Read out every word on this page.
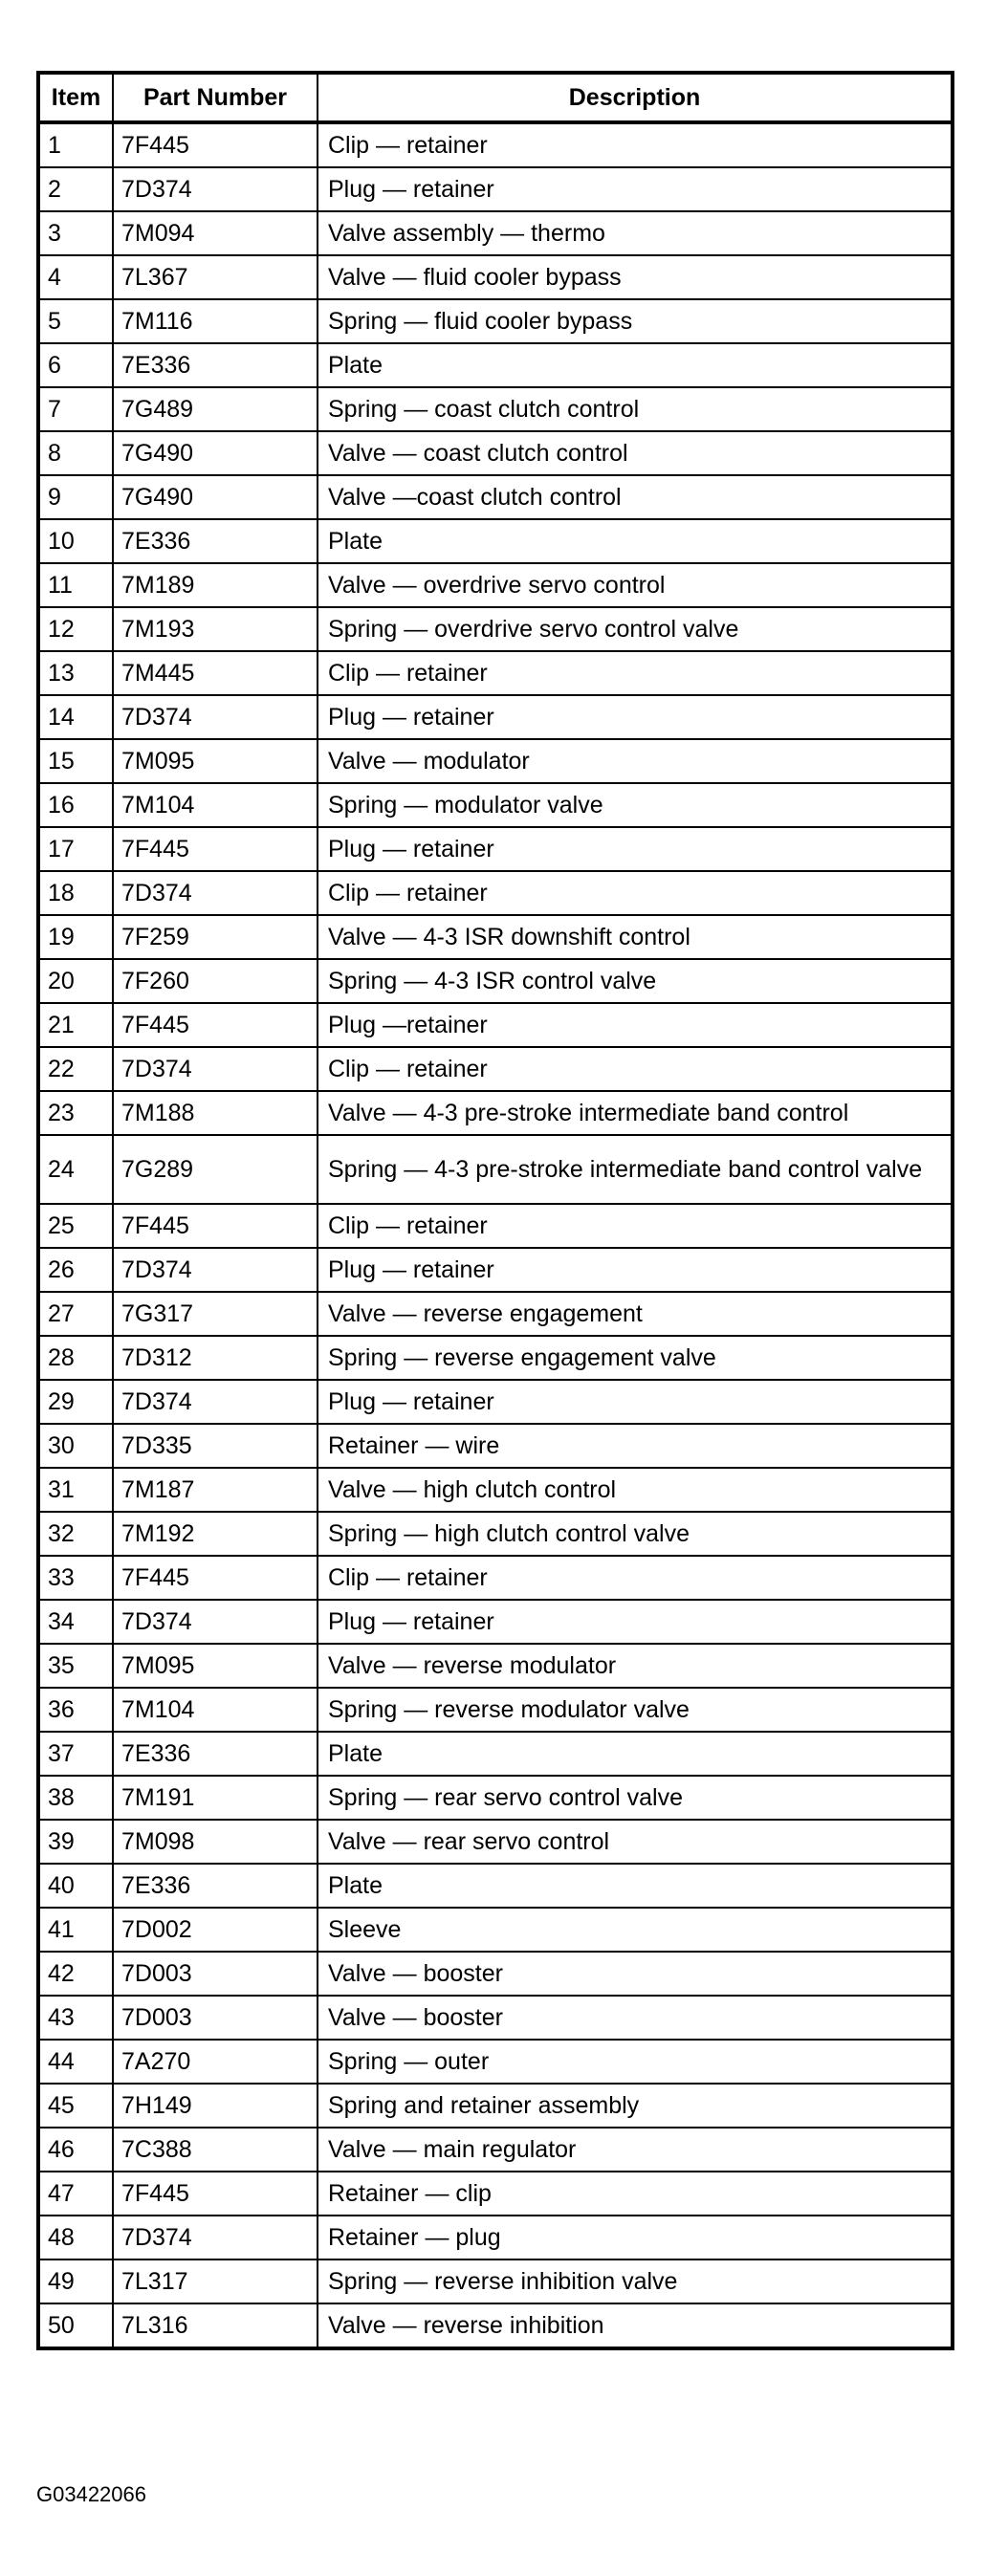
Item	Part Number	Description
1	7F445	Clip — retainer
2	7D374	Plug — retainer
3	7M094	Valve assembly — thermo
4	7L367	Valve — fluid cooler bypass
5	7M116	Spring — fluid cooler bypass
6	7E336	Plate
7	7G489	Spring — coast clutch control
8	7G490	Valve — coast clutch control
9	7G490	Valve —coast clutch control
10	7E336	Plate
11	7M189	Valve — overdrive servo control
12	7M193	Spring — overdrive servo control valve
13	7M445	Clip — retainer
14	7D374	Plug — retainer
15	7M095	Valve — modulator
16	7M104	Spring — modulator valve
17	7F445	Plug — retainer
18	7D374	Clip — retainer
19	7F259	Valve — 4-3 ISR downshift control
20	7F260	Spring — 4-3 ISR control valve
21	7F445	Plug —retainer
22	7D374	Clip — retainer
23	7M188	Valve — 4-3 pre-stroke intermediate band control
24	7G289	Spring — 4-3 pre-stroke intermediate band control valve
25	7F445	Clip — retainer
26	7D374	Plug — retainer
27	7G317	Valve — reverse engagement
28	7D312	Spring — reverse engagement valve
29	7D374	Plug — retainer
30	7D335	Retainer — wire
31	7M187	Valve — high clutch control
32	7M192	Spring — high clutch control valve
33	7F445	Clip — retainer
34	7D374	Plug — retainer
35	7M095	Valve — reverse modulator
36	7M104	Spring — reverse modulator valve
37	7E336	Plate
38	7M191	Spring — rear servo control valve
39	7M098	Valve — rear servo control
40	7E336	Plate
41	7D002	Sleeve
42	7D003	Valve — booster
43	7D003	Valve — booster
44	7A270	Spring — outer
45	7H149	Spring and retainer assembly
46	7C388	Valve — main regulator
47	7F445	Retainer — clip
48	7D374	Retainer — plug
49	7L317	Spring — reverse inhibition valve
50	7L316	Valve — reverse inhibition
G03422066
